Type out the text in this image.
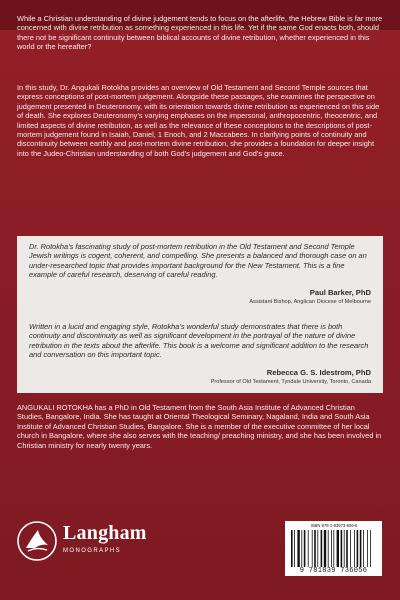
While a Christian understanding of divine judgement tends to focus on the afterlife, the Hebrew Bible is far more concerned with divine retribution as something experienced in this life. Yet if the same God enacts both, should there not be significant continuity between biblical accounts of divine retribution, whether experienced in this world or the hereafter?
In this study, Dr. Angukali Rotokha provides an overview of Old Testament and Second Temple sources that express conceptions of post-mortem judgement. Alongside these passages, she examines the perspective on judgement presented in Deuteronomy, with its orientation towards divine retribution as experienced on this side of death. She explores Deuteronomy’s varying emphases on the impersonal, anthropocentric, theocentric, and limited aspects of divine retribution, as well as the relevance of these conceptions to the descriptions of post-mortem judgement found in Isaiah, Daniel, 1 Enoch, and 2 Maccabees. In clarifying points of continuity and discontinuity between earthly and post-mortem divine retribution, she provides a foundation for deeper insight into the Judeo-Christian understanding of both God’s judgement and God’s grace.
Dr. Rotokha’s fascinating study of post-mortem retribution in the Old Testament and Second Temple Jewish writings is cogent, coherent, and compelling. She presents a balanced and thorough case on an under-researched topic that provides important background for the New Testament. This is a fine example of careful research, deserving of careful reading.
Paul Barker, PhD
Assistant Bishop, Anglican Diocese of Melbourne
Written in a lucid and engaging style, Rotokha’s wonderful study demonstrates that there is both continuity and discontinuity as well as significant development in the portrayal of the nature of divine retribution in the texts about the afterlife. This book is a welcome and significant addition to the research and conversation on this important topic.
Rebecca G. S. Idestrom, PhD
Professor of Old Testament, Tyndale University, Toronto, Canada
ANGUKALI ROTOKHA has a PhD in Old Testament from the South Asia Institute of Advanced Christian Studies, Bangalore, India. She has taught at Oriental Theological Seminary, Nagaland, India and South Asia Institute of Advanced Christian Studies, Bangalore. She is a member of the executive committee of her local church in Bangalore, where she also serves with the teaching/ preaching ministry, and she has been involved in Christian ministry for nearly twenty years.
Langham
MONOGRAPHS
ISBN 978-1-83973-606-6
9 781839 736056
